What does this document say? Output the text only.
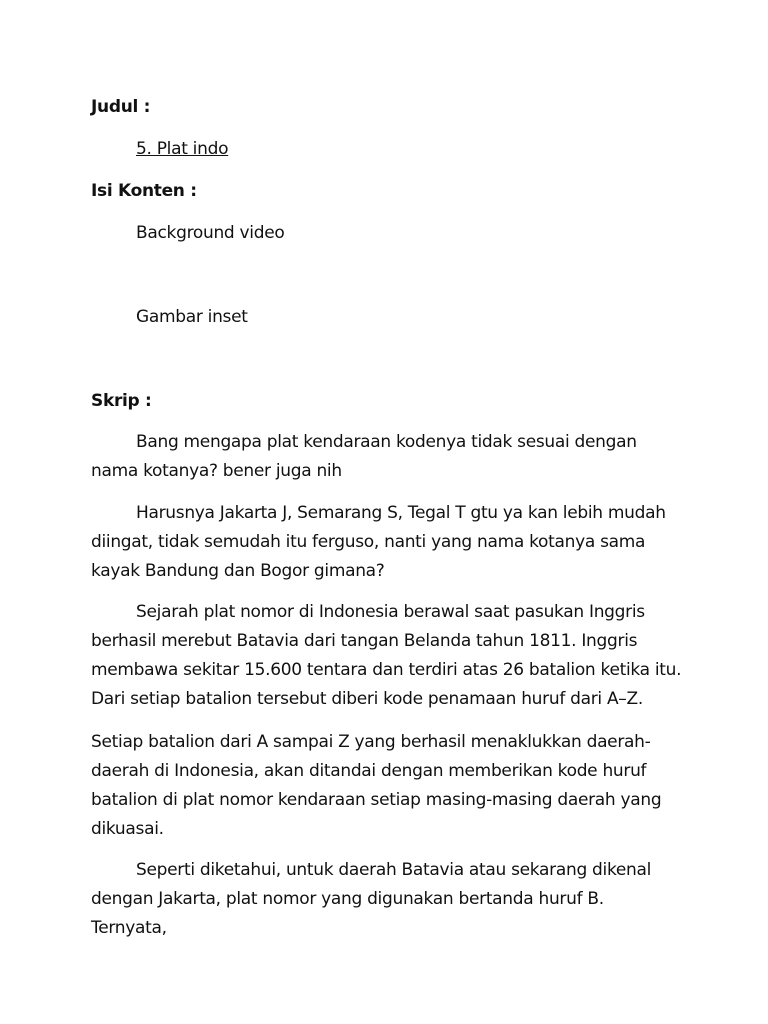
Judul :

5. Plat indo

Isi Konten :

Background video

Gambar inset

Skrip :

Bang mengapa plat kendaraan kodenya tidak sesuai dengan nama kotanya? bener juga nih

Harusnya Jakarta J, Semarang S, Tegal T gtu ya kan lebih mudah diingat, tidak semudah itu ferguso, nanti yang nama kotanya sama kayak Bandung dan Bogor gimana?

Sejarah plat nomor di Indonesia berawal saat pasukan Inggris berhasil merebut Batavia dari tangan Belanda tahun 1811. Inggris membawa sekitar 15.600 tentara dan terdiri atas 26 batalion ketika itu. Dari setiap batalion tersebut diberi kode penamaan huruf dari A–Z.

Setiap batalion dari A sampai Z yang berhasil menaklukkan daerah-daerah di Indonesia, akan ditandai dengan memberikan kode huruf batalion di plat nomor kendaraan setiap masing-masing daerah yang dikuasai.

Seperti diketahui, untuk daerah Batavia atau sekarang dikenal dengan Jakarta, plat nomor yang digunakan bertanda huruf B. Ternyata,
